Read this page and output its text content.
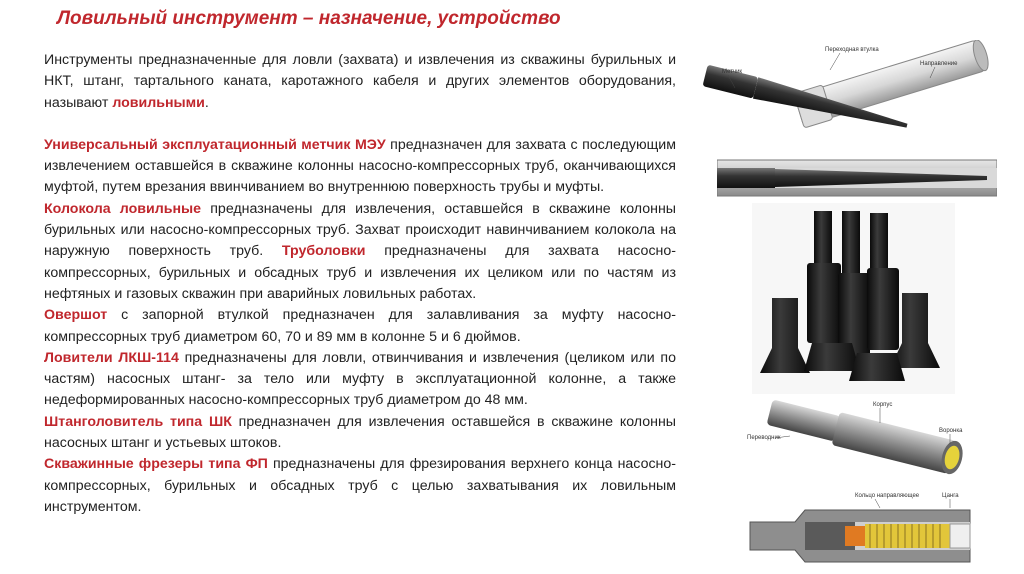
Ловильный инструмент – назначение, устройство

Инструменты предназначенные для ловли (захвата) и извлечения из скважины бурильных и НКТ, штанг, тартального каната, каротажного кабеля и других элементов оборудования, называют ловильными.

Универсальный эксплуатационный метчик МЭУ предназначен для захвата с последующим извлечением оставшейся в скважине колонны насосно-компрессорных труб, оканчивающихся муфтой, путем врезания ввинчиванием во внутреннюю поверхность трубы и муфты.

Колокола ловильные предназначены для извлечения, оставшейся в скважине колонны бурильных или насосно-компрессорных труб. Захват происходит навинчиванием колокола на наружную поверхность труб. Труболовки предназначены для захвата насосно-компрессорных, бурильных и обсадных труб и извлечения их целиком или по частям из нефтяных и газовых скважин при аварийных ловильных работах.

Овершот с запорной втулкой предназначен для залавливания за муфту насосно-компрессорных труб диаметром 60, 70 и 89 мм в колонне 5 и 6 дюймов.

Ловители ЛКШ-114 предназначены для ловли, отвинчивания и извлечения (целиком или по частям) насосных штанг- за тело или муфту в эксплуатационной колонне, а также недеформированных насосно-компрессорных труб диаметром до 48 мм.

Штанголовитель типа ШК предназначен для извлечения оставшейся в скважине колонны насосных штанг и устьевых штоков.

Скважинные фрезеры типа ФП предназначены для фрезирования верхнего конца насосно-компрессорных, бурильных и обсадных труб с целью захватывания их ловильным инструментом.

Метчик
Переходная втулка
Направление
Корпус
Переводник
Воронка
Кольцо направляющее	Цанга
